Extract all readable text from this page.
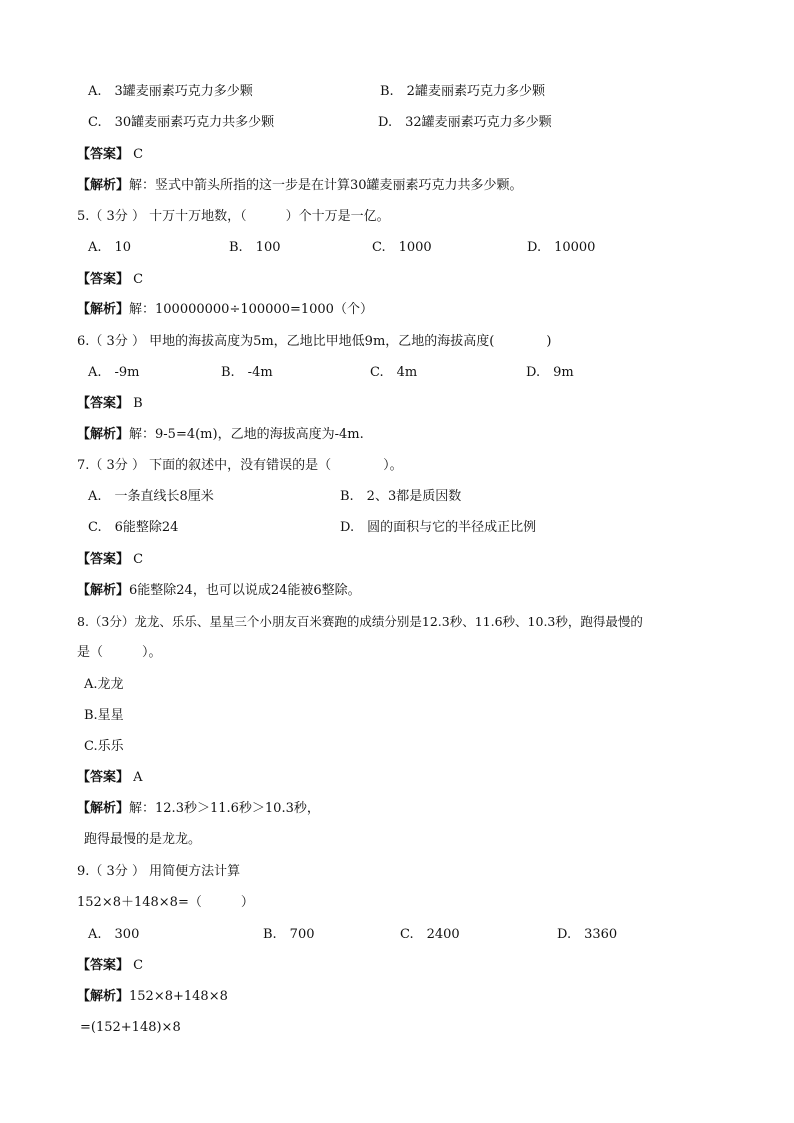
A.　3罐麦丽素巧克力多少颗	B.　2罐麦丽素巧克力多少颗
C.　30罐麦丽素巧克力共多少颗	D.　32罐麦丽素巧克力多少颗
【答案】 C
【解析】解：竖式中箭头所指的这一步是在计算30罐麦丽素巧克力共多少颗。
5.（ 3分 ） 十万十万地数，（　　　）个十万是一亿。
A.　10	B.　100	C.　1000	D.　10000
【答案】 C
【解析】解：100000000÷100000=1000（个）
6.（ 3分 ） 甲地的海拔高度为5m，乙地比甲地低9m，乙地的海拔高度(　　　　)
A.　-9m	B.　-4m	C.　4m	D.　9m
【答案】 B
【解析】解：9-5=4(m)，乙地的海拔高度为-4m.
7.（ 3分 ） 下面的叙述中，没有错误的是（　　　　）。
A.　一条直线长8厘米	B.　2、3都是质因数
C.　6能整除24	D.　圆的面积与它的半径成正比例
【答案】 C
【解析】6能整除24，也可以说成24能被6整除。
8.（3分）龙龙、乐乐、星星三个小朋友百米赛跑的成绩分别是12.3秒、11.6秒、10.3秒，跑得最慢的
是（　　　）。
A.龙龙
B.星星
C.乐乐
【答案】 A
【解析】解：12.3秒＞11.6秒＞10.3秒，
跑得最慢的是龙龙。
9.（ 3分 ） 用简便方法计算
152×8＋148×8=（　　　）
A.　300	B.　700	C.　2400	D.　3360
【答案】 C
【解析】152×8+148×8
=(152+148)×8
